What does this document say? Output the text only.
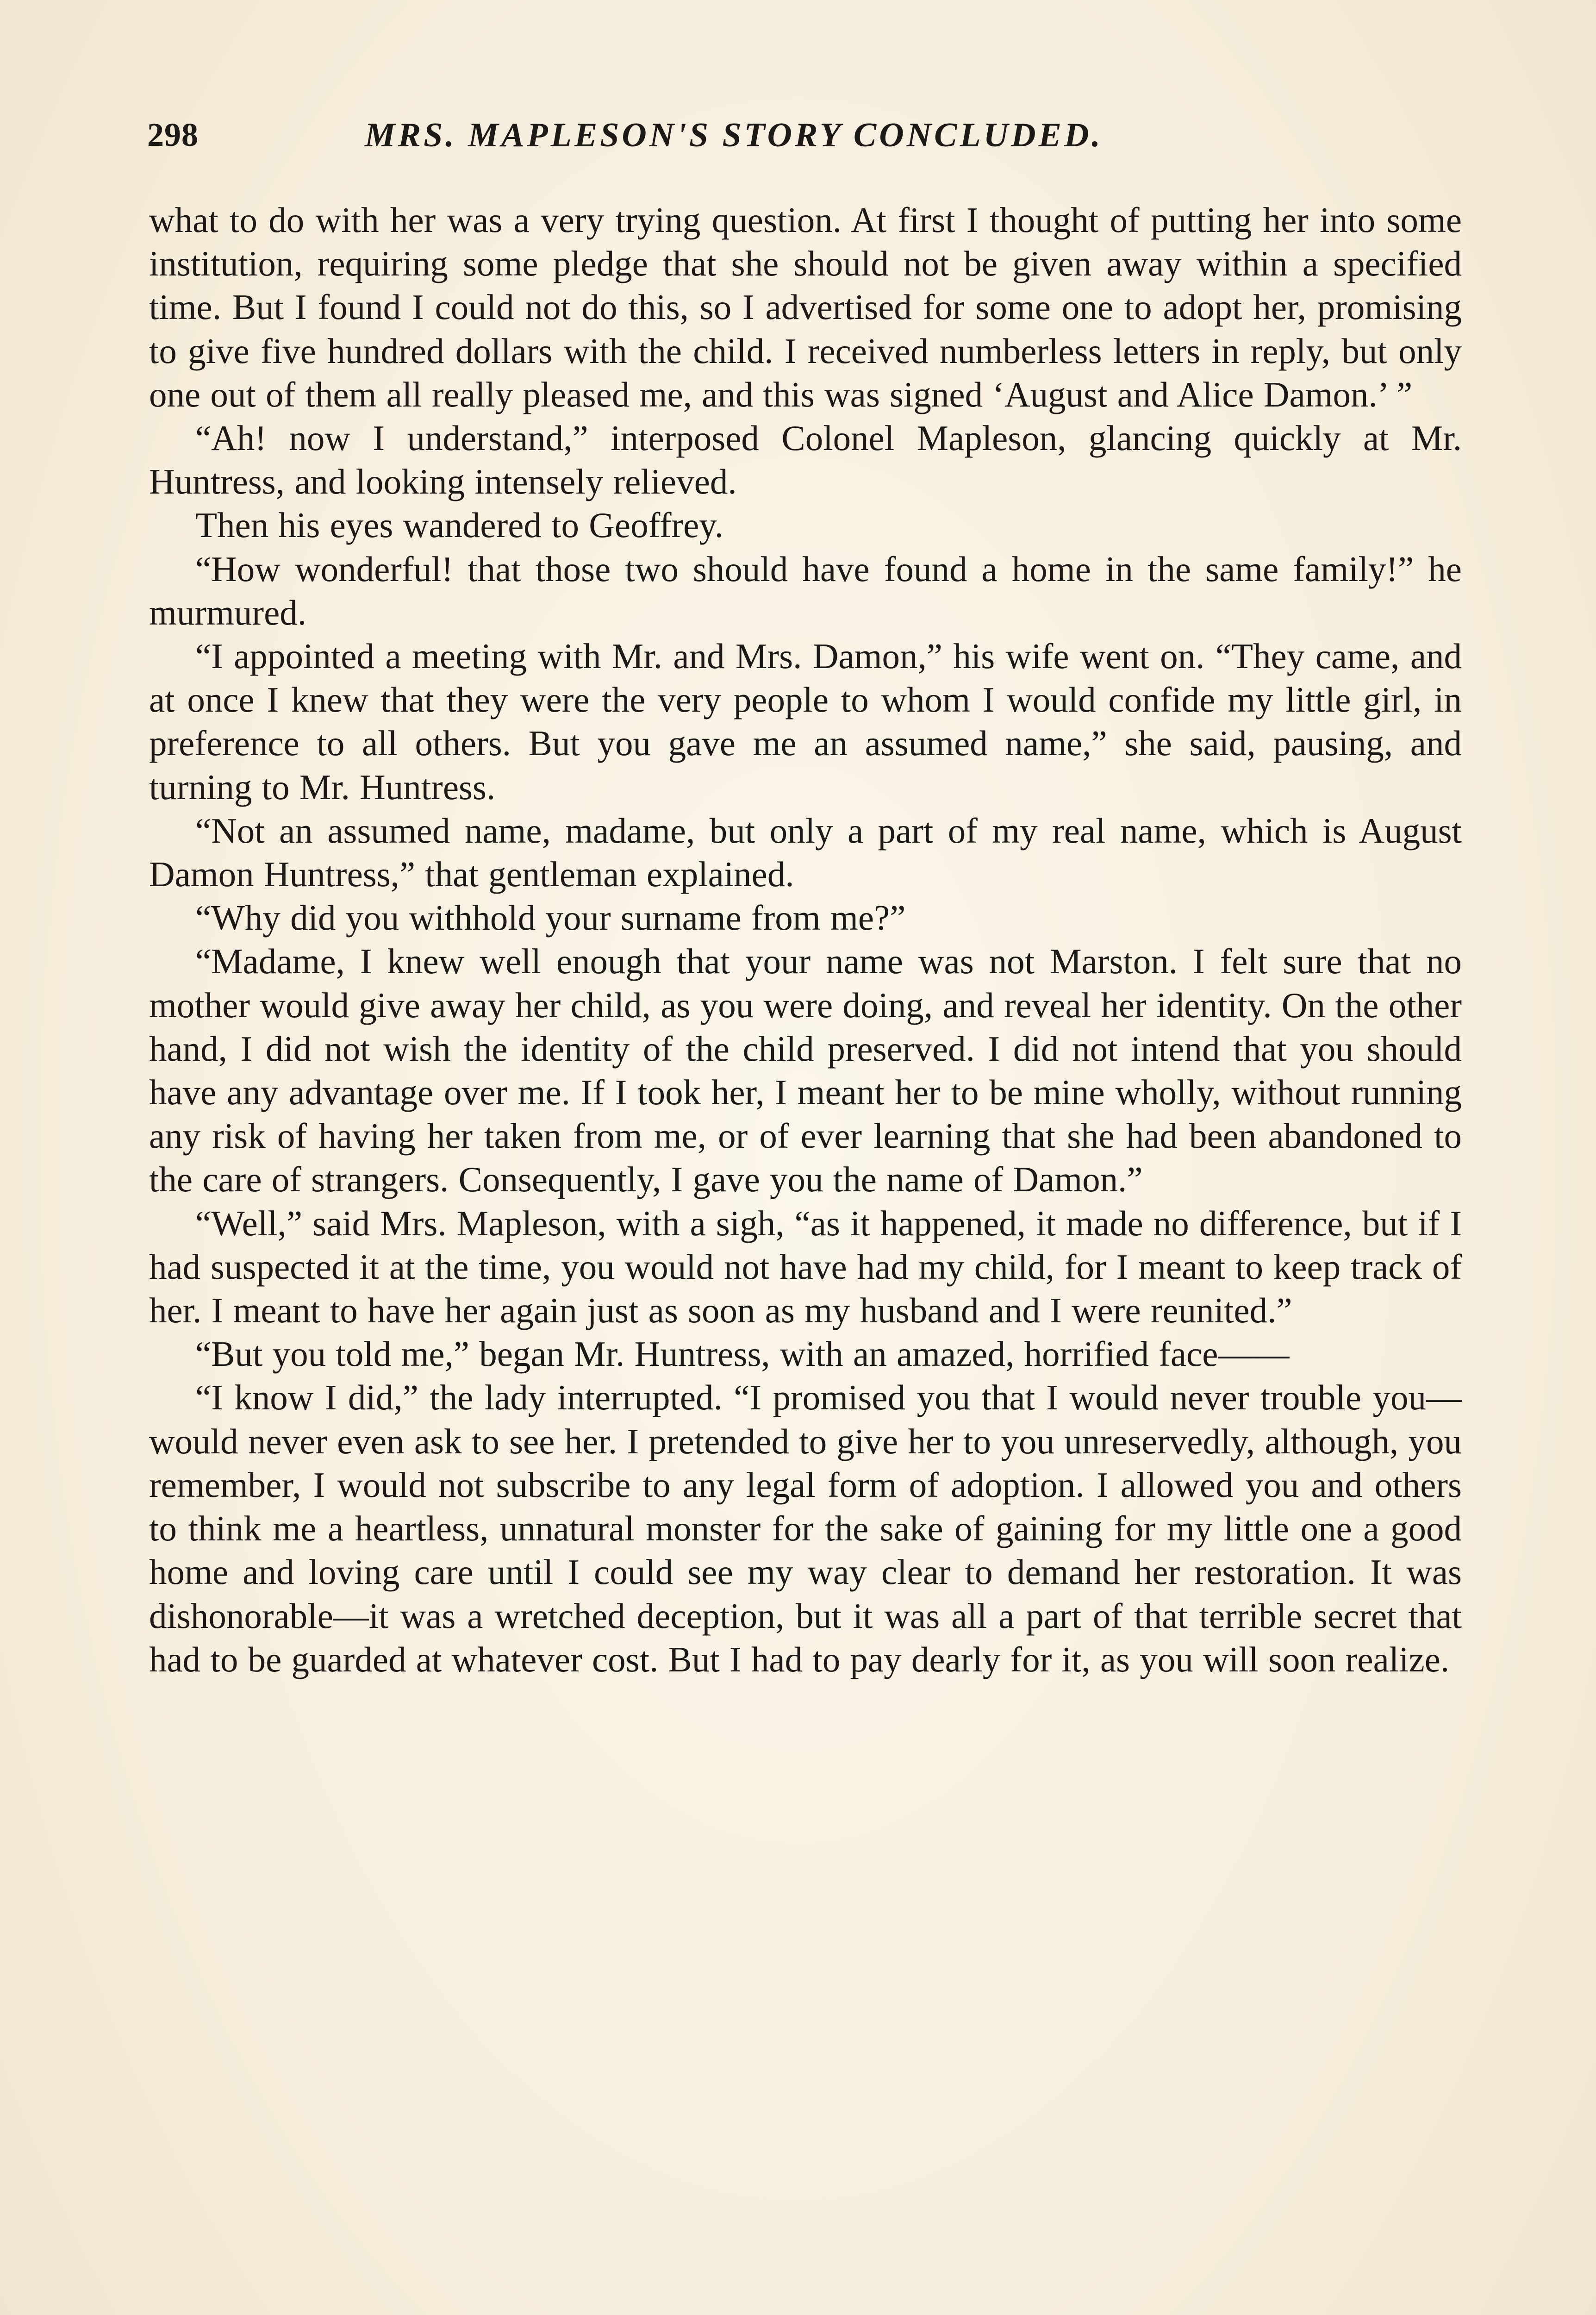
298	MRS. MAPLESON'S STORY CONCLUDED.

what to do with her was a very trying question. At first I thought of putting her into some institution, requiring some pledge that she should not be given away within a specified time. But I found I could not do this, so I advertised for some one to adopt her, promising to give five hundred dollars with the child. I received numberless letters in reply, but only one out of them all really pleased me, and this was signed ‘August and Alice Damon.’ ”

“Ah! now I understand,” interposed Colonel Mapleson, glancing quickly at Mr. Huntress, and looking intensely relieved.

Then his eyes wandered to Geoffrey.

“How wonderful! that those two should have found a home in the same family!” he murmured.

“I appointed a meeting with Mr. and Mrs. Damon,” his wife went on. “They came, and at once I knew that they were the very people to whom I would confide my little girl, in preference to all others. But you gave me an assumed name,” she said, pausing, and turning to Mr. Huntress.

“Not an assumed name, madame, but only a part of my real name, which is August Damon Huntress,” that gentleman explained.

“Why did you withhold your surname from me?”

“Madame, I knew well enough that your name was not Marston. I felt sure that no mother would give away her child, as you were doing, and reveal her identity. On the other hand, I did not wish the identity of the child preserved. I did not intend that you should have any advantage over me. If I took her, I meant her to be mine wholly, without running any risk of having her taken from me, or of ever learning that she had been abandoned to the care of strangers. Consequently, I gave you the name of Damon.”

“Well,” said Mrs. Mapleson, with a sigh, “as it happened, it made no difference, but if I had suspected it at the time, you would not have had my child, for I meant to keep track of her. I meant to have her again just as soon as my husband and I were reunited.”

“But you told me,” began Mr. Huntress, with an amazed, horrified face——

“I know I did,” the lady interrupted. “I promised you that I would never trouble you—would never even ask to see her. I pretended to give her to you unreservedly, although, you remember, I would not subscribe to any legal form of adoption. I allowed you and others to think me a heartless, unnatural monster for the sake of gaining for my little one a good home and loving care until I could see my way clear to demand her restoration. It was dishonorable—it was a wretched deception, but it was all a part of that terrible secret that had to be guarded at whatever cost. But I had to pay dearly for it, as you will soon realize.
